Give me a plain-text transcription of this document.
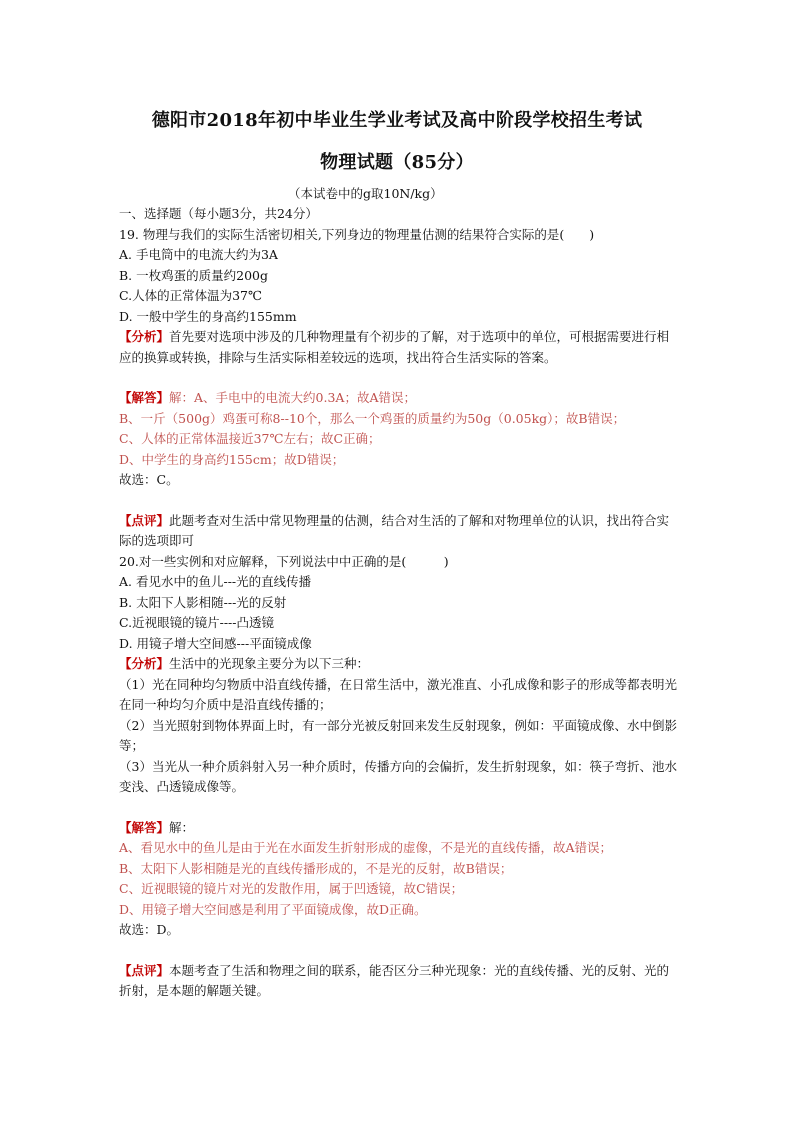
德阳市2018年初中毕业生学业考试及高中阶段学校招生考试
物理试题（85分）
（本试卷中的g取10N/kg）
一、选择题（每小题3分，共24分）
19. 物理与我们的实际生活密切相关,下列身边的物理量估测的结果符合实际的是(　　)
A. 手电筒中的电流大约为3A
B. 一枚鸡蛋的质量约200g
C.人体的正常体温为37℃
D. 一般中学生的身高约155mm
【分析】首先要对选项中涉及的几种物理量有个初步的了解，对于选项中的单位，可根据需要进行相应的换算或转换，排除与生活实际相差较远的选项，找出符合生活实际的答案。
【解答】解：A、手电中的电流大约0.3A；故A错误；
B、一斤（500g）鸡蛋可称8--10个，那么一个鸡蛋的质量约为50g（0.05kg）；故B错误；
C、人体的正常体温接近37℃左右；故C正确；
D、中学生的身高约155cm；故D错误；
故选：C。
【点评】此题考查对生活中常见物理量的估测，结合对生活的了解和对物理单位的认识，找出符合实际的选项即可
20.对一些实例和对应解释，下列说法中中正确的是(　　　)
A. 看见水中的鱼儿---光的直线传播
B. 太阳下人影相随---光的反射
C.近视眼镜的镜片----凸透镜
D. 用镜子增大空间感---平面镜成像
【分析】生活中的光现象主要分为以下三种：
（1）光在同种均匀物质中沿直线传播，在日常生活中，激光准直、小孔成像和影子的形成等都表明光在同一种均匀介质中是沿直线传播的；
（2）当光照射到物体界面上时，有一部分光被反射回来发生反射现象，例如：平面镜成像、水中倒影等；
（3）当光从一种介质斜射入另一种介质时，传播方向的会偏折，发生折射现象，如：筷子弯折、池水变浅、凸透镜成像等。
【解答】解：
A、看见水中的鱼儿是由于光在水面发生折射形成的虚像，不是光的直线传播，故A错误；
B、太阳下人影相随是光的直线传播形成的，不是光的反射，故B错误；
C、近视眼镜的镜片对光的发散作用，属于凹透镜，故C错误；
D、用镜子增大空间感是利用了平面镜成像，故D正确。
故选：D。
【点评】本题考查了生活和物理之间的联系，能否区分三种光现象：光的直线传播、光的反射、光的折射，是本题的解题关键。
